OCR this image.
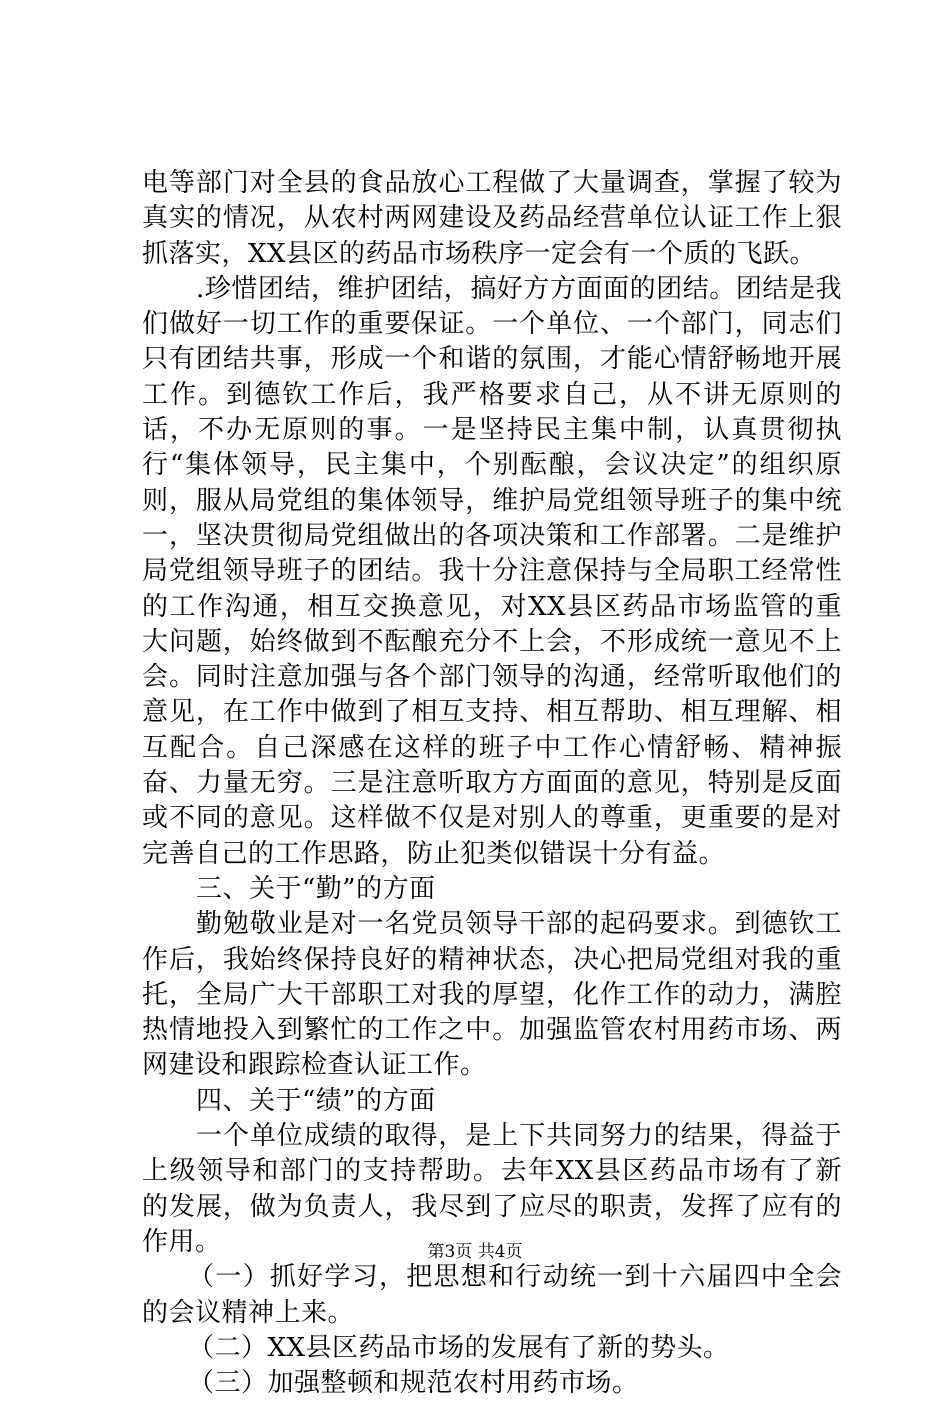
电等部门对全县的食品放心工程做了大量调查，掌握了较为真实的情况，从农村两网建设及药品经营单位认证工作上狠抓落实，XX县区的药品市场秩序一定会有一个质的飞跃。

.珍惜团结，维护团结，搞好方方面面的团结。团结是我们做好一切工作的重要保证。一个单位、一个部门，同志们只有团结共事，形成一个和谐的氛围，才能心情舒畅地开展工作。到德钦工作后，我严格要求自己，从不讲无原则的话，不办无原则的事。一是坚持民主集中制，认真贯彻执行“集体领导，民主集中，个别酝酿，会议决定”的组织原则，服从局党组的集体领导，维护局党组领导班子的集中统一，坚决贯彻局党组做出的各项决策和工作部署。二是维护局党组领导班子的团结。我十分注意保持与全局职工经常性的工作沟通，相互交换意见，对XX县区药品市场监管的重大问题，始终做到不酝酿充分不上会，不形成统一意见不上会。同时注意加强与各个部门领导的沟通，经常听取他们的意见，在工作中做到了相互支持、相互帮助、相互理解、相互配合。自己深感在这样的班子中工作心情舒畅、精神振奋、力量无穷。三是注意听取方方面面的意见，特别是反面或不同的意见。这样做不仅是对别人的尊重，更重要的是对完善自己的工作思路，防止犯类似错误十分有益。

三、关于“勤”的方面

勤勉敬业是对一名党员领导干部的起码要求。到德钦工作后，我始终保持良好的精神状态，决心把局党组对我的重托，全局广大干部职工对我的厚望，化作工作的动力，满腔热情地投入到繁忙的工作之中。加强监管农村用药市场、两网建设和跟踪检查认证工作。

四、关于“绩”的方面

一个单位成绩的取得，是上下共同努力的结果，得益于上级领导和部门的支持帮助。去年XX县区药品市场有了新的发展，做为负责人，我尽到了应尽的职责，发挥了应有的作用。

（一）抓好学习，把思想和行动统一到十六届四中全会的会议精神上来。

（二）XX县区药品市场的发展有了新的势头。

（三）加强整顿和规范农村用药市场。

第3页 共4页
